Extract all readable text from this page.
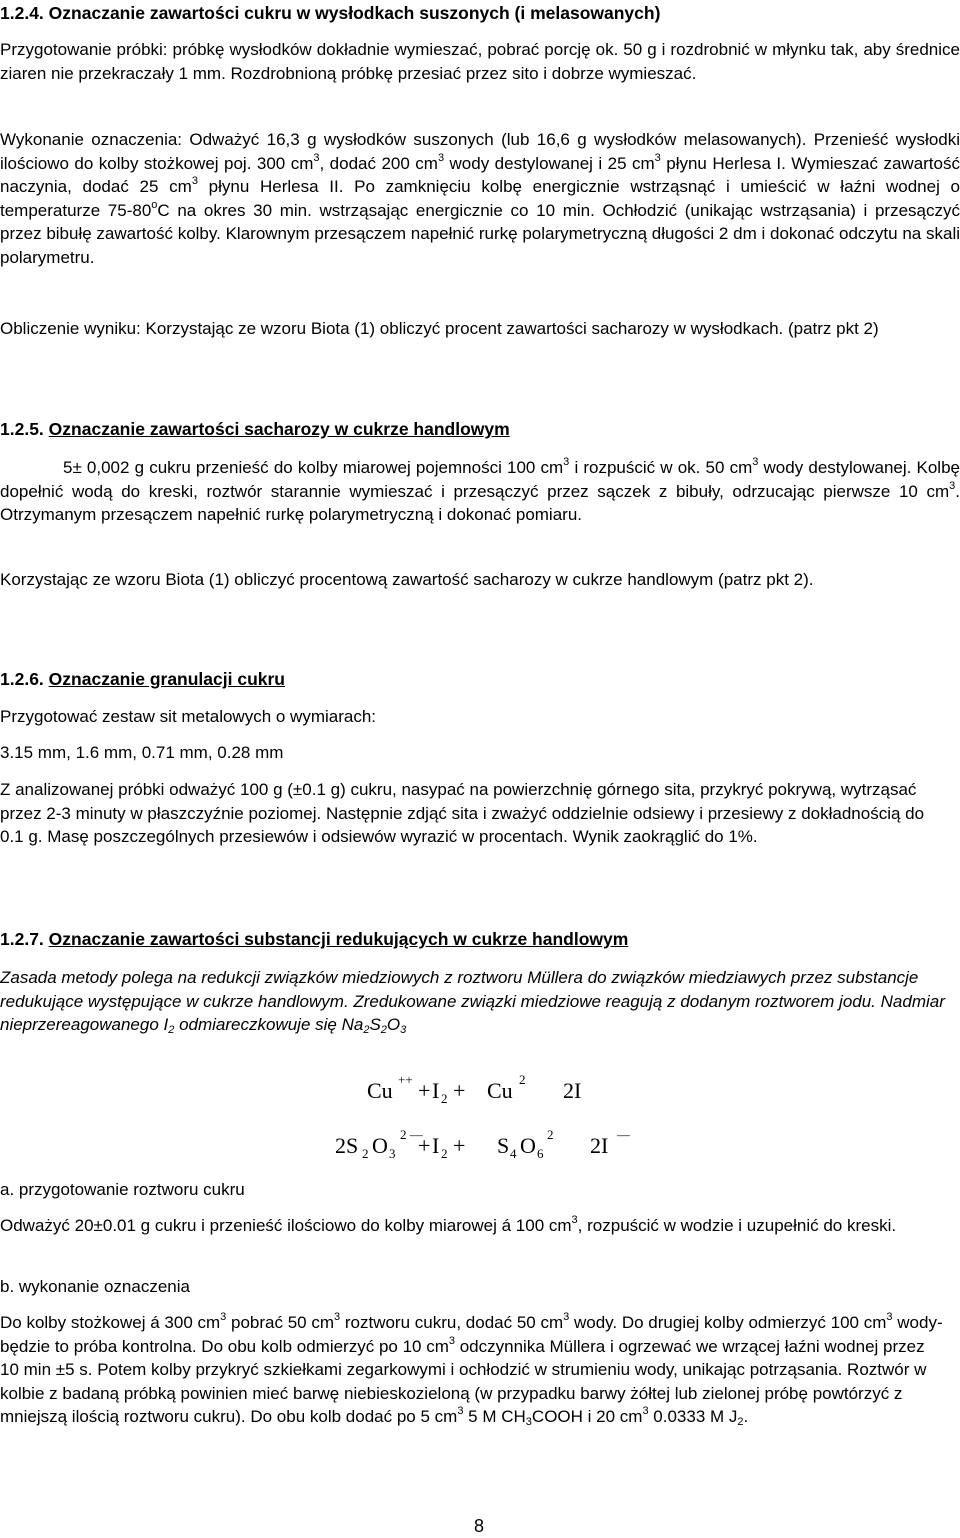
1.2.4. Oznaczanie zawartości cukru w wysłodkach suszonych (i melasowanych)

Przygotowanie próbki: próbkę wysłodków dokładnie wymieszać, pobrać porcję ok. 50 g i rozdrobnić w młynku tak, aby średnice ziaren nie przekraczały 1 mm. Rozdrobnioną próbkę przesiać przez sito i dobrze wymieszać.

Wykonanie oznaczenia: Odważyć 16,3 g wysłodków suszonych (lub 16,6 g wysłodków melasowanych). Przenieść wysłodki ilościowo do kolby stożkowej poj. 300 $cm^3$, dodać 200 $cm^3$ wody destylowanej i 25 $cm^3$ płynu Herlesa I. Wymieszać zawartość naczynia, dodać 25 $cm^3$ płynu Herlesa II. Po zamknięciu kolbę energicznie wstrząsnąć i umieścić w łaźni wodnej o temperaturze 75-80$^o$C na okres 30 min. wstrząsając energicznie co 10 min. Ochłodzić (unikając wstrząsania) i przesączyć przez bibułę zawartość kolby. Klarownym przesączem napełnić rurkę polarymetryczną długości 2 dm i dokonać odczytu na skali polarymetru.

Obliczenie wyniku: Korzystając ze wzoru Biota (1) obliczyć procent zawartości sacharozy w wysłodkach. (patrz pkt 2)

1.2.5. Oznaczanie zawartości sacharozy w cukrze handlowym

5± 0,002 g cukru przenieść do kolby miarowej pojemności 100 $cm^3$ i rozpuścić w ok. 50 $cm^3$ wody destylowanej. Kolbę dopełnić wodą do kreski, roztwór starannie wymieszać i przesączyć przez sączek z bibuły, odrzucając pierwsze 10 $cm^3$. Otrzymanym przesączem napełnić rurkę polarymetryczną i dokonać pomiaru.

Korzystając ze wzoru Biota (1) obliczyć procentową zawartość sacharozy w cukrze handlowym (patrz pkt 2).

1.2.6. Oznaczanie granulacji cukru

Przygotować zestaw sit metalowych o wymiarach:

3.15 mm, 1.6 mm, 0.71 mm, 0.28 mm

Z analizowanej próbki odważyć 100 g (±0.1 g) cukru, nasypać na powierzchnię górnego sita, przykryć pokrywą, wytrząsać przez 2-3 minuty w płaszczyźnie poziomej. Następnie zdjąć sita i zważyć oddzielnie odsiewy i przesiewy z dokładnością do 0.1 g. Masę poszczególnych przesiewów i odsiewów wyrazić w procentach. Wynik zaokrąglić do 1%.

1.2.7. Oznaczanie zawartości substancji redukujących w cukrze handlowym

Zasada metody polega na redukcji związków miedziowych z roztworu Müllera do związków miedziawych przez substancje redukujące występujące w cukrze handlowym. Zredukowane związki miedziowe reagują z dodanym roztworem jodu. Nadmiar nieprzereagowanego $I_2$ odmiareczkowuje się $Na_2S_2O_3$

Cu ++ + I 2 + Cu 2 2I
2S 2 O 3
2 —
+ I 2 + S 4 O 6
2 2I —

a. przygotowanie roztworu cukru

Odważyć 20±0.01 g cukru i przenieść ilościowo do kolby miarowej á 100 $cm^3$, rozpuścić w wodzie i uzupełnić do kreski.

b. wykonanie oznaczenia

Do kolby stożkowej á 300 $cm^3$ pobrać 50 $cm^3$ roztworu cukru, dodać 50 $cm^3$ wody. Do drugiej kolby odmierzyć 100 $cm^3$ wody- będzie to próba kontrolna. Do obu kolb odmierzyć po 10 $cm^3$ odczynnika Müllera i ogrzewać we wrzącej łaźni wodnej przez 10 min ±5 s. Potem kolby przykryć szkiełkami zegarkowymi i ochłodzić w strumieniu wody, unikając potrząsania. Roztwór w kolbie z badaną próbką powinien mieć barwę niebieskozieloną (w przypadku barwy żółtej lub zielonej próbę powtórzyć z mniejszą ilością roztworu cukru). Do obu kolb dodać po 5 $cm^3$ 5 M $CH_3COOH$ i 20 $cm^3$ 0.0333 M $J_2$.

8
